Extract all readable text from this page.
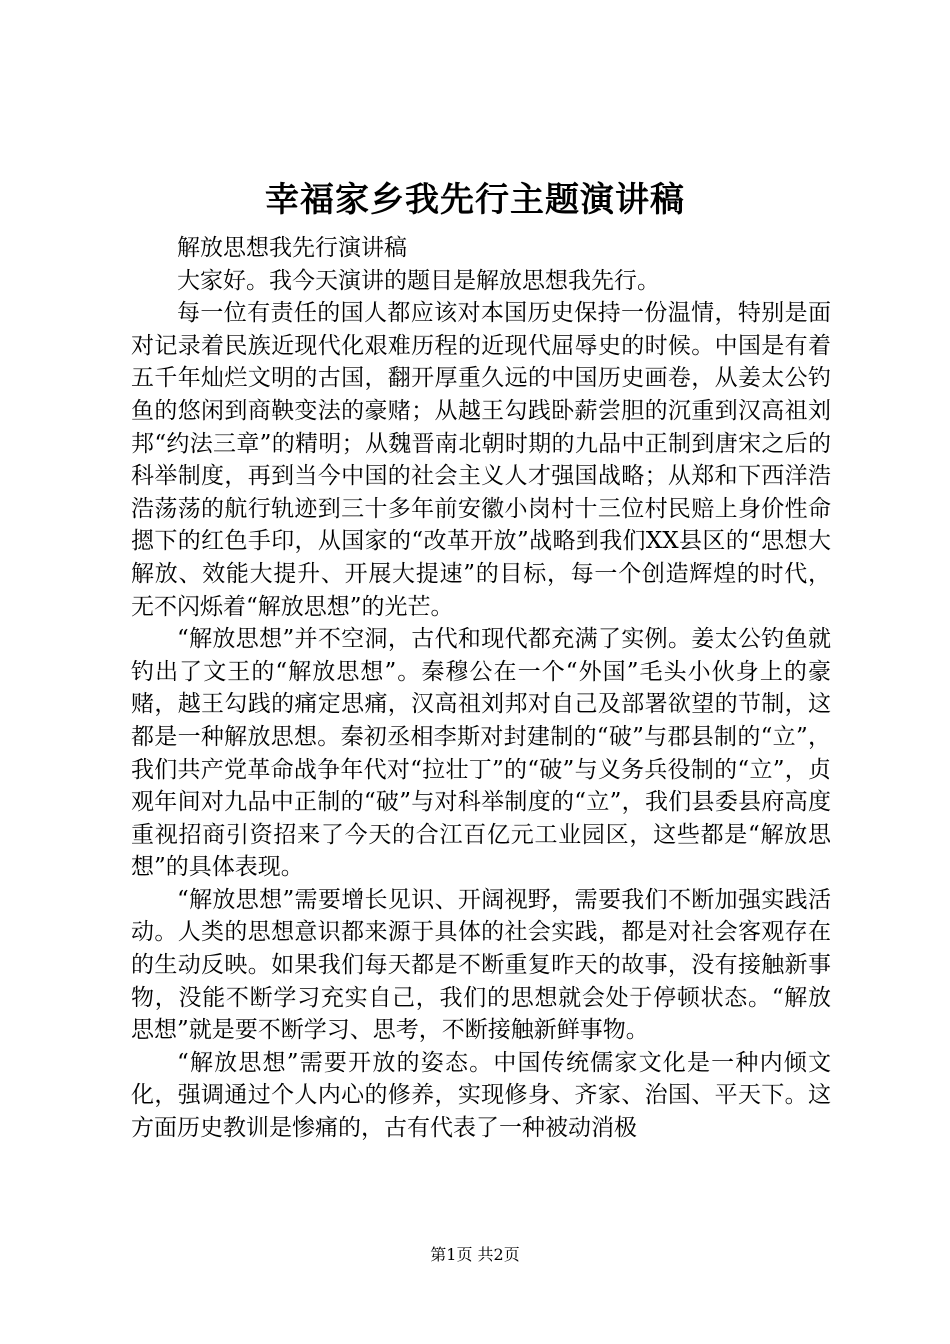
幸福家乡我先行主题演讲稿

解放思想我先行演讲稿

大家好。我今天演讲的题目是解放思想我先行。

每一位有责任的国人都应该对本国历史保持一份温情，特别是面对记录着民族近现代化艰难历程的近现代屈辱史的时候。中国是有着五千年灿烂文明的古国，翻开厚重久远的中国历史画卷，从姜太公钓鱼的悠闲到商鞅变法的豪赌；从越王勾践卧薪尝胆的沉重到汉高祖刘邦“约法三章”的精明；从魏晋南北朝时期的九品中正制到唐宋之后的科举制度，再到当今中国的社会主义人才强国战略；从郑和下西洋浩浩荡荡的航行轨迹到三十多年前安徽小岗村十三位村民赔上身价性命摁下的红色手印，从国家的“改革开放”战略到我们XX县区的“思想大解放、效能大提升、开展大提速”的目标，每一个创造辉煌的时代，无不闪烁着“解放思想”的光芒。

“解放思想”并不空洞，古代和现代都充满了实例。姜太公钓鱼就钓出了文王的“解放思想”。秦穆公在一个“外国”毛头小伙身上的豪赌，越王勾践的痛定思痛，汉高祖刘邦对自己及部署欲望的节制，这都是一种解放思想。秦初丞相李斯对封建制的“破”与郡县制的“立”，我们共产党革命战争年代对“拉壮丁”的“破”与义务兵役制的“立”，贞观年间对九品中正制的“破”与对科举制度的“立”，我们县委县府高度重视招商引资招来了今天的合江百亿元工业园区，这些都是“解放思想”的具体表现。

“解放思想”需要增长见识、开阔视野，需要我们不断加强实践活动。人类的思想意识都来源于具体的社会实践，都是对社会客观存在的生动反映。如果我们每天都是不断重复昨天的故事，没有接触新事物，没能不断学习充实自己，我们的思想就会处于停顿状态。“解放思想”就是要不断学习、思考，不断接触新鲜事物。

“解放思想”需要开放的姿态。中国传统儒家文化是一种内倾文化，强调通过个人内心的修养，实现修身、齐家、治国、平天下。这方面历史教训是惨痛的，古有代表了一种被动消极

第1页 共2页
